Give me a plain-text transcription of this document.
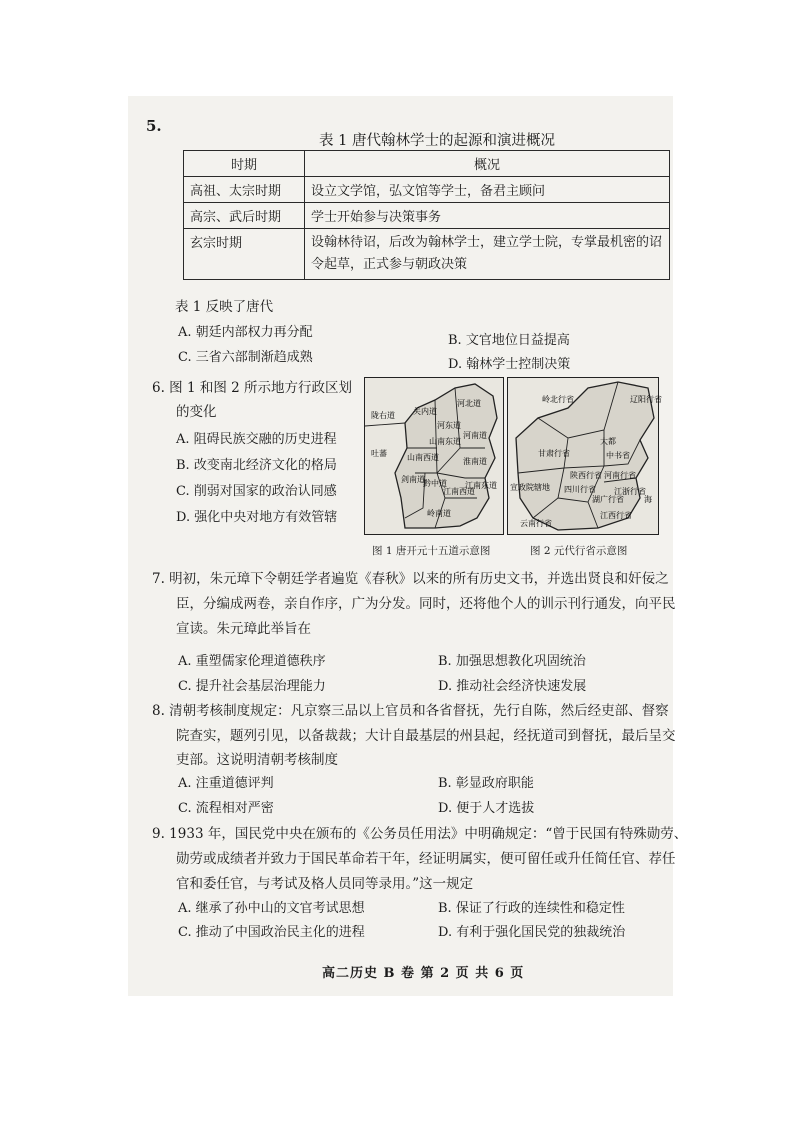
5.
表 1 唐代翰林学士的起源和演进概况
时期	概况
高祖、太宗时期	设立文学馆，弘文馆等学士，备君主顾问
高宗、武后时期	学士开始参与决策事务
玄宗时期	设翰林待诏，后改为翰林学士，建立学士院，专掌最机密的诏令起草，正式参与朝政决策
表 1 反映了唐代
A. 朝廷内部权力再分配
B. 文官地位日益提高
C. 三省六部制渐趋成熟	D. 翰林学士控制决策
6. 图 1 和图 2 所示地方行政区划
的变化
A. 阻碍民族交融的历史进程
B. 改变南北经济文化的格局
C. 削弱对国家的政治认同感
D. 强化中央对地方有效管辖
陇右道 关内道
河北道
河东道
河南道
山南东道
山南西道
黔中道
淮南道
江南东道
江南西道
剑南道
岭南道
吐蕃
岭北行省	辽阳行省
甘肃行省
大都
中书省
宣政院辖地
河南行省
陕西行省
四川行省
云南行省
湖广行省
江浙行省
江西行省
海
图 1 唐开元十五道示意图	图 2 元代行省示意图
7. 明初，朱元璋下令朝廷学者遍览《春秋》以来的所有历史文书，并选出贤良和奸佞之
臣，分编成两卷，亲自作序，广为分发。同时，还将他个人的训示刊行通发，向平民
宣读。朱元璋此举旨在
A. 重塑儒家伦理道德秩序	B. 加强思想教化巩固统治
C. 提升社会基层治理能力	D. 推动社会经济快速发展
8. 清朝考核制度规定：凡京察三品以上官员和各省督抚，先行自陈，然后经吏部、督察
院查实，题列引见，以备裁裁；大计自最基层的州县起，经抚道司到督抚，最后呈交
吏部。这说明清朝考核制度
A. 注重道德评判	B. 彰显政府职能
C. 流程相对严密	D. 便于人才选拔
9. 1933 年，国民党中央在颁布的《公务员任用法》中明确规定：“曾于民国有特殊勋劳、
勋劳或成绩者并致力于国民革命若干年，经证明属实，便可留任或升任简任官、荐任
官和委任官，与考试及格人员同等录用。”这一规定
A. 继承了孙中山的文官考试思想	B. 保证了行政的连续性和稳定性
C. 推动了中国政治民主化的进程	D. 有利于强化国民党的独裁统治
高二历史 B 卷 第 2 页 共 6 页
